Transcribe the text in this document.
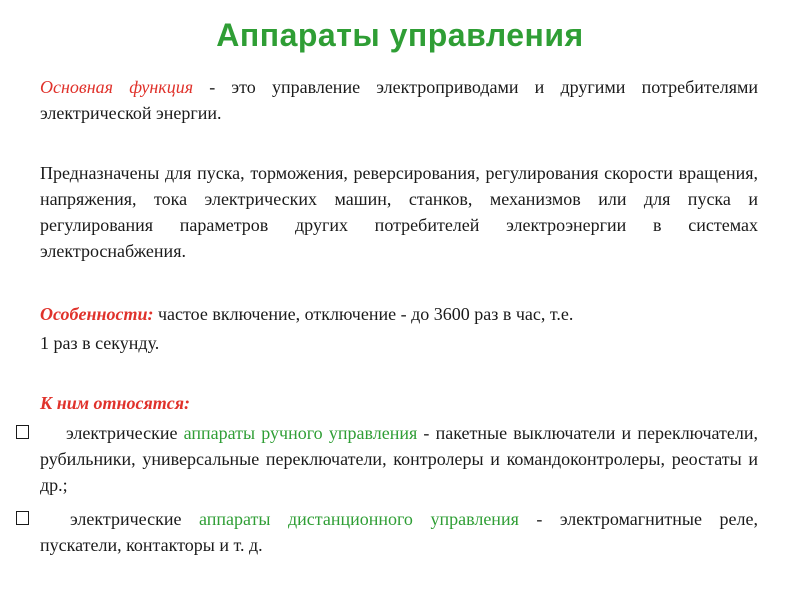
Аппараты управления

Основная функция - это управление электроприводами и другими потребителями электрической энергии.

Предназначены для пуска, торможения, реверсирования, регулирования скорости вращения, напряжения, тока электрических машин, станков, механизмов или для пуска и регулирования параметров других потребителей электроэнергии в системах электроснабжения.

Особенности: частое включение, отключение - до 3600 раз в час, т.е.

1 раз в секунду.

К ним относятся:

электрические аппараты ручного управления - пакетные выключатели и переключатели, рубильники, универсальные переключатели, контролеры и командоконтролеры, реостаты и др.;

электрические аппараты дистанционного управления - электромагнитные реле, пускатели, контакторы и т. д.
